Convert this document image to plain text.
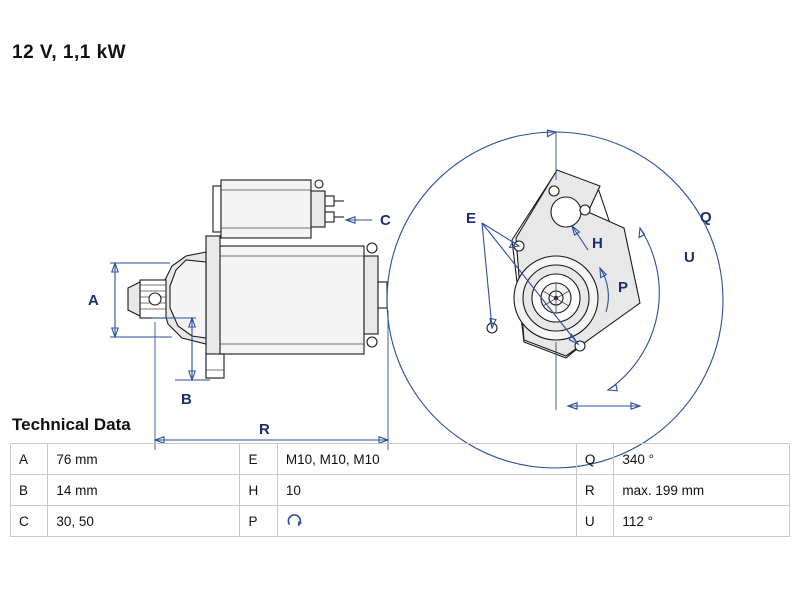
12 V, 1,1 kW
A
B
C
R
E
H
P
Q
U
Technical Data
A	76 mm	E	M10, M10, M10	Q	340 °
B	14 mm	H	10	R	max. 199 mm
C	30, 50	P		U	112 °
